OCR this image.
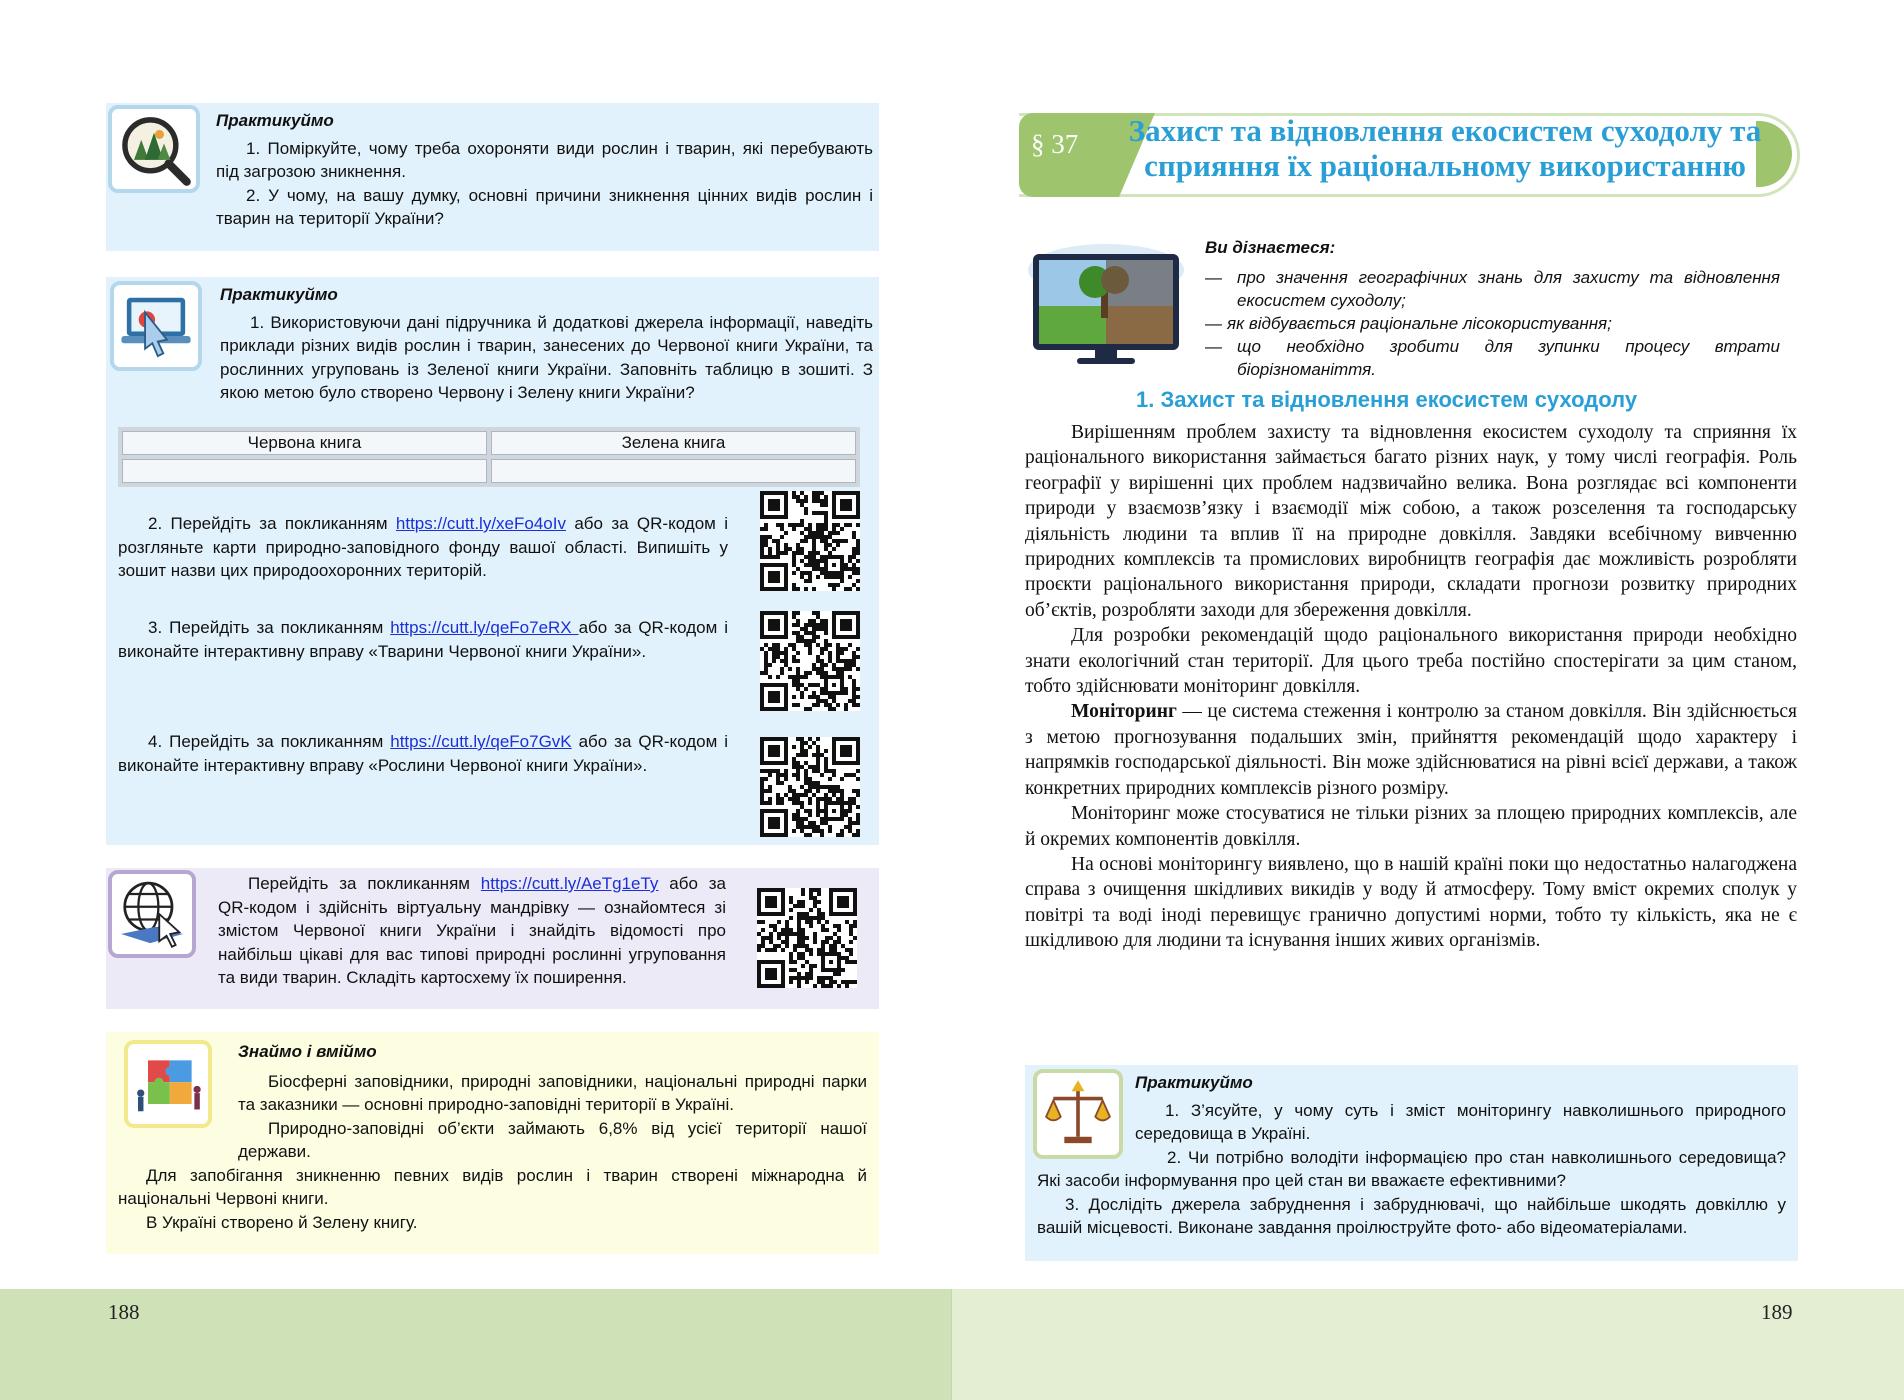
Практикуймо

1. Поміркуйте, чому треба охороняти види рослин і тварин, які перебувають під загрозою зникнення.

2. У чому, на вашу думку, основні причини зникнення цінних видів рослин і тварин на території України?

Практикуймо

1. Використовуючи дані підручника й додаткові джерела інформації, наведіть приклади різних видів рослин і тварин, занесених до Червоної книги України, та рослинних угруповань із Зеленої книги України. Заповніть таблицю в зошиті. З якою метою було створено Червону і Зелену книги України?

Червона книга	Зелена книга

2. Перейдіть за покликанням https://cutt.ly/xeFo4oIv або за QR-кодом і розгляньте карти природно-заповідного фонду вашої області. Випишіть у зошит назви цих природоохоронних територій.

3. Перейдіть за покликанням https://cutt.ly/qeFo7eRX або за QR-кодом і виконайте інтерактивну вправу «Тварини Червоної книги України».

4. Перейдіть за покликанням https://cutt.ly/qeFo7GvK або за QR-кодом і виконайте інтерактивну вправу «Рослини Червоної книги України».

Перейдіть за покликанням https://cutt.ly/AeTg1eTy або за QR-кодом і здійсніть віртуальну мандрівку — ознайомтеся зі змістом Червоної книги України і знайдіть відомості про найбільш цікаві для вас типові природні рослинні угруповання та види тварин. Складіть картосхему їх поширення.

Знаймо і вміймо

Біосферні заповідники, природні заповідники, національні природні парки та заказники — основні природно-заповідні території в Україні.

Природно-заповідні об’єкти займають 6,8% від усієї території нашої держави.

Для запобігання зникненню певних видів рослин і тварин створені міжнародна й національні Червоні книги.

В Україні створено й Зелену книгу.

§ 37	Захист та відновлення екосистем суходолу та сприяння їх раціональному використанню
Ви дізнаєтеся:
— про значення географічних знань для захисту та відновлення екосистем суходолу;
— як відбувається раціональне лісокористування;
— що необхідно зробити для зупинки процесу втрати біорізноманіття.
1. Захист та відновлення екосистем суходолу

Вирішенням проблем захисту та відновлення екосистем суходолу та сприяння їх раціонального використання займається багато різних наук, у тому числі географія. Роль географії у вирішенні цих проблем надзвичайно велика. Вона розглядає всі компоненти природи у взаємозв’язку і взаємодії між собою, а також розселення та господарську діяльність людини та вплив її на природне довкілля. Завдяки всебічному вивченню природних комплексів та промислових виробництв географія дає можливість розробляти проєкти раціонального використання природи, складати прогнози розвитку природних об’єктів, розробляти заходи для збереження довкілля.

Для розробки рекомендацій щодо раціонального використання природи необхідно знати екологічний стан території. Для цього треба постійно спостерігати за цим станом, тобто здійснювати моніторинг довкілля.

Моніторинг — це система стеження і контролю за станом довкілля. Він здійснюється з метою прогнозування подальших змін, прийняття рекомендацій щодо характеру і напрямків господарської діяльності. Він може здійснюватися на рівні всієї держави, а також конкретних природних комплексів різного розміру.

Моніторинг може стосуватися не тільки різних за площею природних комплексів, але й окремих компонентів довкілля.

На основі моніторингу виявлено, що в нашій країні поки що недостатньо налагоджена справа з очищення шкідливих викидів у воду й атмосферу. Тому вміст окремих сполук у повітрі та воді іноді перевищує гранично допустимі норми, тобто ту кількість, яка не є шкідливою для людини та існування інших живих організмів.

Практикуймо

1. З’ясуйте, у чому суть і зміст моніторингу навколишнього природного середовища в Україні.

2. Чи потрібно володіти інформацією про стан навколишнього середовища? Які засоби інформування про цей стан ви вважаєте ефективними?

3. Дослідіть джерела забруднення і забруднювачі, що найбільше шкодять довкіллю у вашій місцевості. Виконане завдання проілюструйте фото- або відеоматеріалами.

188	189
